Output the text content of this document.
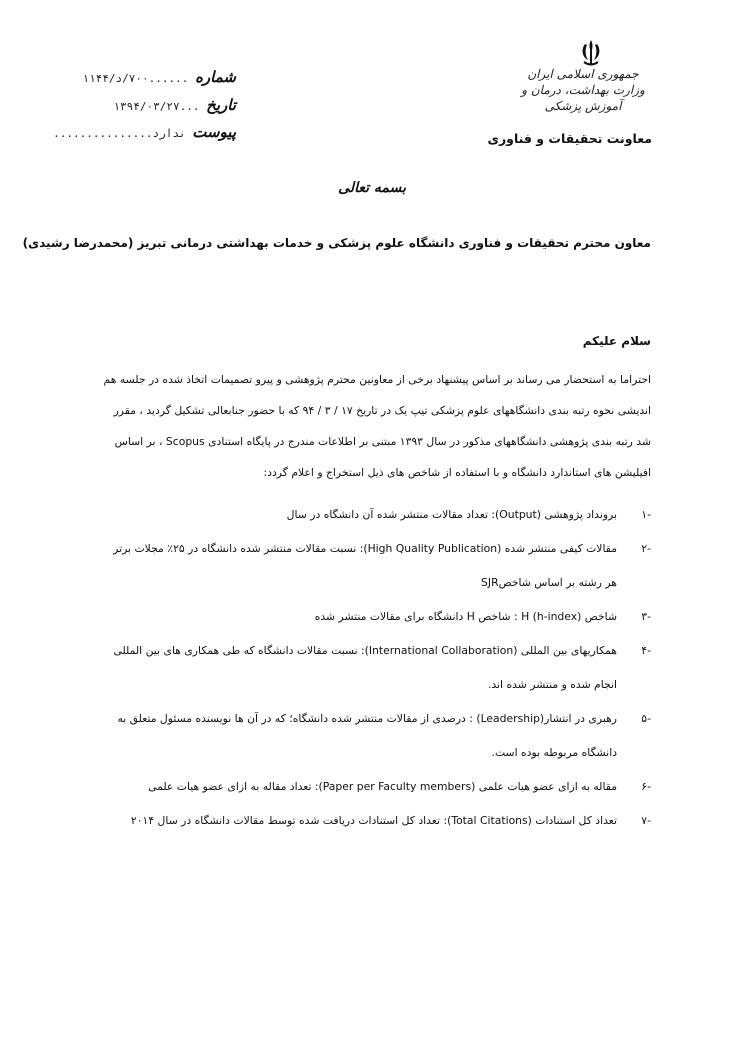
جمهوری اسلامی ایران
وزارت بهداشت، درمان و آموزش پزشکی
معاونت تحقیقات و فناوری
شماره ......۷۰۰/د/۱۱۴۴
تاریخ ...۱۳۹۴/۰۳/۲۷
پیوست ندارد...............
بسمه تعالی
معاون محترم تحقیقات و فناوری دانشگاه علوم پزشکی و خدمات بهداشتی درمانی تبریز (محمدرضا رشیدی)
سلام علیکم
احتراما به استحضار می رساند بر اساس پیشنهاد برخی از معاونین محترم پژوهشی و پیرو تصمیمات اتخاذ شده در جلسه هم
اندیشی نحوه رتبه بندی دانشگاههای علوم پزشکی تیپ یک در تاریخ ۱۷ / ۳ / ۹۴ که با حضور جنابعالی تشکیل گردید ، مقرر
شد رتبه بندی پژوهشی دانشگاههای مذکور در سال ۱۳۹۳ مبتنی بر اطلاعات مندرج در پایگاه استنادی Scopus ، بر اساس
افیلیشن های استاندارد دانشگاه و با استفاده از شاخص های ذیل استخراج و اعلام گردد:
-۱
برونداد پژوهشی (Output): تعداد مقالات منتشر شده آن دانشگاه در سال
-۲
مقالات کیفی منتشر شده (High Quality Publication): نسبت مقالات منتشر شده دانشگاه در ۲۵٪ مجلات برتر
هر رشته بر اساس شاخصSJR
-۳
شاخص H (h-index) : شاخص H دانشگاه برای مقالات منتشر شده
-۴
همکاریهای بین المللی (International Collaboration): نسبت مقالات دانشگاه که طی همکاری های بین المللی
انجام شده و منتشر شده اند.
-۵
رهبری در انتشار(Leadership) : درصدی از مقالات منتشر شده دانشگاه؛ که در آن ها نویسنده مسئول متعلق به
دانشگاه مربوطه بوده است.
-۶
مقاله به ازای عضو هیات علمی (Paper per Faculty members): تعداد مقاله به ازای عضو هیات علمی
-۷
تعداد کل استنادات (Total Citations): تعداد کل استنادات دریافت شده توسط مقالات دانشگاه در سال ۲۰۱۴
